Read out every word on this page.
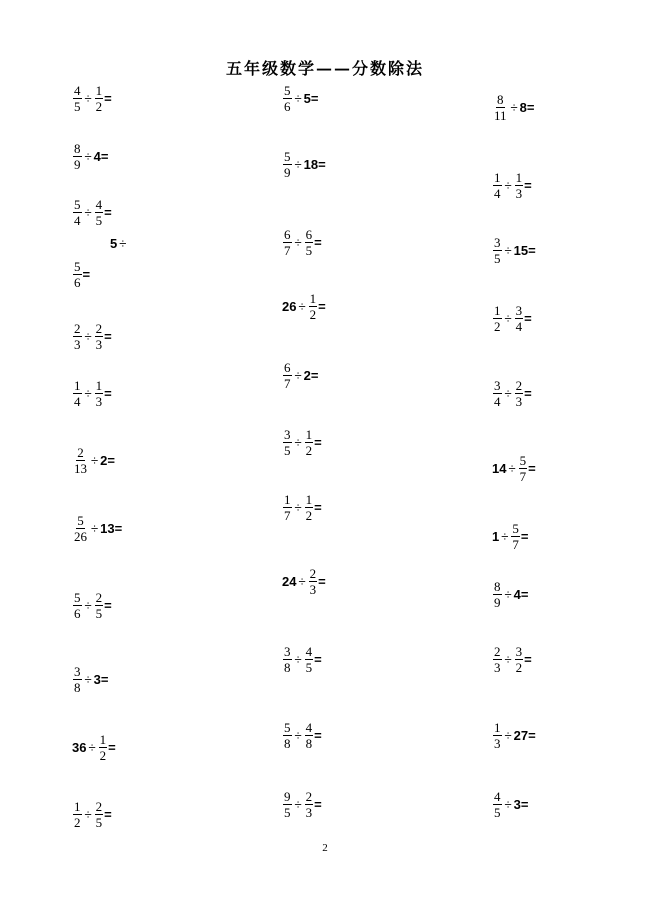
五年级数学——分数除法
$\frac{4}{5} \div \frac{1}{2}$ =
$\frac{8}{9} \div 4$ =
$\frac{5}{4} \div \frac{4}{5}$ =
5 ÷
$\frac{5}{6}$ =
$\frac{2}{3} \div \frac{2}{3}$ =
$\frac{1}{4} \div \frac{1}{3}$ =
$\frac{2}{13} \div 2$ =
$\frac{5}{26} \div 13$ =
$\frac{5}{6} \div \frac{2}{5}$ =
$\frac{3}{8} \div 3$ =
$36 \div \frac{1}{2}$ =
$\frac{1}{2} \div \frac{2}{5}$ =
$\frac{5}{6} \div 5$ =
$\frac{5}{9} \div 18$ =
$\frac{6}{7} \div \frac{6}{5}$ =
$26 \div \frac{1}{2}$ =
$\frac{6}{7} \div 2$ =
$\frac{3}{5} \div \frac{1}{2}$ =
$\frac{1}{7} \div \frac{1}{2}$ =
$24 \div \frac{2}{3}$ =
$\frac{3}{8} \div \frac{4}{5}$ =
$\frac{5}{8} \div \frac{4}{8}$ =
$\frac{9}{5} \div \frac{2}{3}$ =
$\frac{8}{11} \div 8$ =
$\frac{1}{4} \div \frac{1}{3}$ =
$\frac{3}{5} \div 15$ =
$\frac{1}{2} \div \frac{3}{4}$ =
$\frac{3}{4} \div \frac{2}{3}$ =
$14 \div \frac{5}{7}$ =
$1 \div \frac{5}{7}$ =
$\frac{8}{9} \div 4$ =
$\frac{2}{3} \div \frac{3}{2}$ =
$\frac{1}{3} \div 27$ =
$\frac{4}{5} \div 3$ =
2
